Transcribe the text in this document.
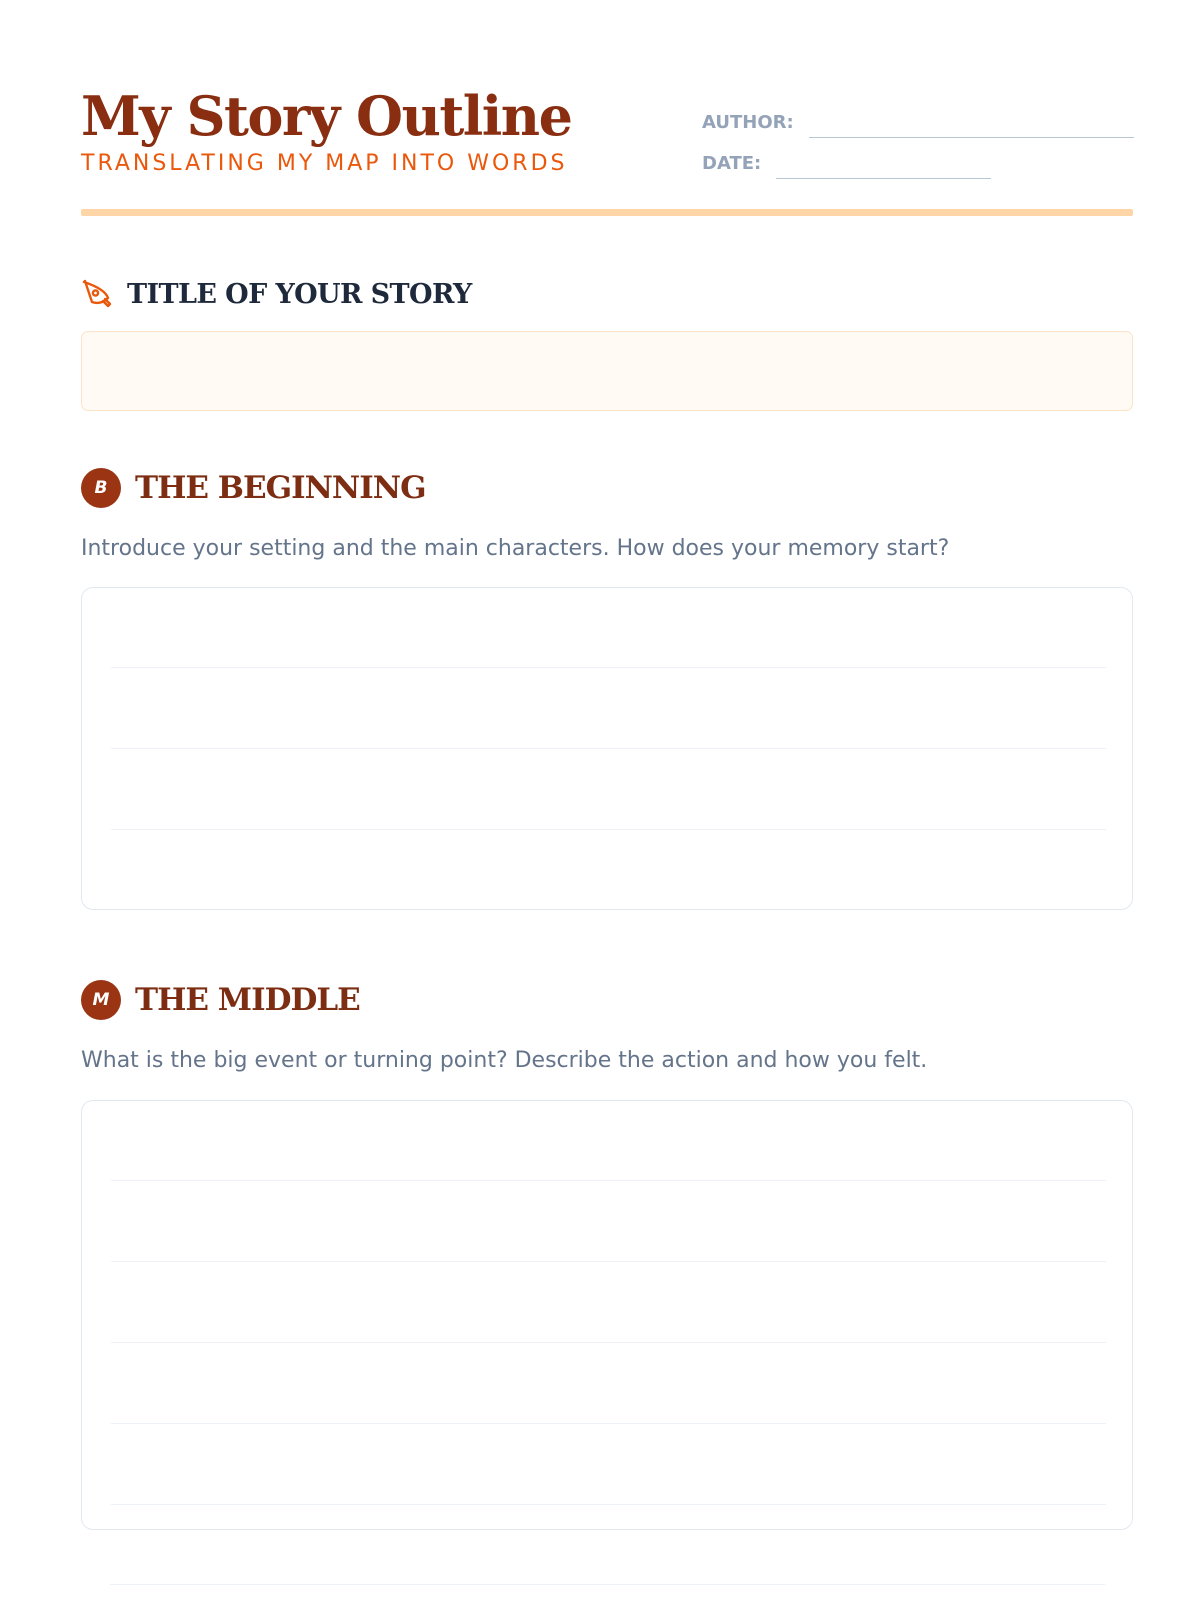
My Story Outline
TRANSLATING MY MAP INTO WORDS
AUTHOR:
DATE:
TITLE OF YOUR STORY
B THE BEGINNING
Introduce your setting and the main characters. How does your memory start?
M THE MIDDLE
What is the big event or turning point? Describe the action and how you felt.
